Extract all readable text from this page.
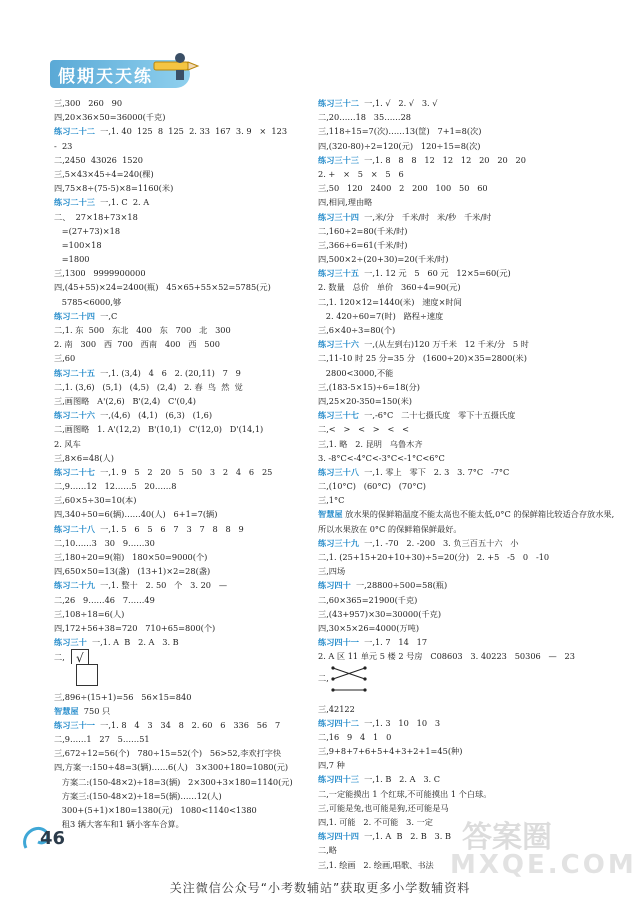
假期天天练
三,300   260   90
四,20×36×50=36000(千克)
练习二十二  一,1. 40  125  8  125  2. 33  167  3. 9   ×  123
-  23
二,2450  43026  1520
三,5×43×45÷4=240(棵)
四,75×8÷(75-5)×8=1160(米)
练习二十三  一,1. C  2. A
二、  27×18+73×18
=(27+73)×18
=100×18
=1800
三,1300   9999900000
四,(45+55)×24=2400(瓶)   45×65+55×52=5785(元)
5785<6000,够
练习二十四  一,C
二,1. 东  500   东北   400   东   700   北   300
2. 南   300   西  700   西南   400   西   500
三,60
练习二十五  一,1. (3,4)   4   6   2. (20,11)   7   9
二,1. (3,6)   (5,1)   (4,5)   (2,4)   2. 春  鸟  然  觉
三,画图略   A'(2,6)   B'(2,4)   C'(0,4)
练习二十六  一,(4,6)   (4,1)   (6,3)   (1,6)
二,画图略   1. A'(12,2)   B'(10,1)   C'(12,0)   D'(14,1)
2. 风车
三,8×6=48(人)
练习二十七  一,1. 9   5   2   20   5   50   3   2   4   6   25
二,9……12   12……5   20……8
三,60×5÷30=10(本)
四,340÷50=6(辆)……40(人)   6+1=7(辆)
练习二十八  一,1. 5   6   5   6   7   3   7   8   8   9
二,10……3   30   9……30
三,180÷20=9(箱)   180×50=9000(个)
四,650×50=13(盏)   (13+1)×2=28(盏)
练习二十九  一,1. 整十   2. 50   个   3. 20   —
二,26   9……46   7……49
三,108÷18=6(人)
四,172+56+38=720   710+65=800(个)
练习三十  一,1. A  B   2. A   3. B
二, √
三,896÷(15+1)=56   56×15=840
智慧屋  750 只
练习三十一  一,1. 8   4   3   34   8   2. 60   6   336   56   7
二,9……1   27   5……51
三,672÷12=56(个)   780÷15=52(个)   56>52,李欢打字快
四,方案一:150÷48=3(辆)……6(人)   3×300+180=1080(元)
方案二:(150-48×2)÷18=3(辆)   2×300+3×180=1140(元)
方案三:(150-48×2)÷18=5(辆)……12(人)
300+(5+1)×180=1380(元)   1080<1140<1380
租3 辆大客车和1 辆小客车合算。
练习三十二  一,1. √   2. √   3. √
二,20……18   35……28
三,118÷15=7(次)……13(筐)   7+1=8(次)
四,(320-80)÷2=120(元)   120÷15=8(次)
练习三十三  一,1. 8   8   8   12   12   12   20   20   20
2. +   ×   5   ×   5   6
三,50   120   2400   2   200   100   50   60
四,相同,理由略
练习三十四  一,米/分   千米/时   米/秒   千米/时
二,160÷2=80(千米/时)
三,366÷6=61(千米/时)
四,500×2÷(20+30)=20(千米/时)
练习三十五  一,1. 12 元   5   60 元   12×5=60(元)
2. 数量   总价   单价   360÷4=90(元)
二,1. 120×12=1440(米)   速度×时间
2. 420÷60=7(时)   路程÷速度
三,6×40÷3=80(个)
练习三十六  一,(从左到右)120 万千米   12 千米/分   5 时
二,11-10 时 25 分=35 分   (1600÷20)×35=2800(米)
2800<3000,不能
三,(183-5×15)÷6=18(分)
四,25×20-350=150(米)
练习三十七  一,-6°C   二十七摄氏度   零下十五摄氏度
二,<   >   <   >   <   <
三,1. 略   2. 昆明   乌鲁木齐
3. -8°C<-4°C<-3°C<-1°C<6°C
练习三十八  一,1. 零上   零下   2. 3   3. 7°C   -7°C
二,(10°C)   (60°C)   (70°C)
三,1°C
智慧屋 放水果的保鲜箱温度不能太高也不能太低,0°C 的保鲜箱比较适合存放水果,所以水果放在 0°C 的保鲜箱保鲜最好。
练习三十九  一,1. -70   2. -200   3. 负三百五十六   小
二,1. (25+15+20+10+30)÷5=20(分)   2. +5   -5   0   -10
三,四场
练习四十  一,28800÷500=58(瓶)
二,60×365=21900(千克)
三,(43+957)×30=30000(千克)
四,30×5×26=4000(万吨)
练习四十一  一,1. 7   14   17
2. A 区 11 单元 5 楼 2 号房   C08603   3. 40223   50306   —   23
二,
三,42122
练习四十二  一,1. 3   10   10   3
二,16   9   4   1   0
三,9+8+7+6+5+4+3+2+1=45(种)
四,7 种
练习四十三  一,1. B   2. A   3. C
二,一定能摸出 1 个红球,不可能摸出 1 个白球。
三,可能是兔,也可能是狗,还可能是马
四,1. 可能   2. 不可能   3. 一定
练习四十四  一,1. A  B   2. B   3. B
二,略
三,1. 绘画   2. 绘画,唱歌、书法
46	答案圈
MXQE.COM
关注微信公众号“小考数辅站”获取更多小学数辅资料
